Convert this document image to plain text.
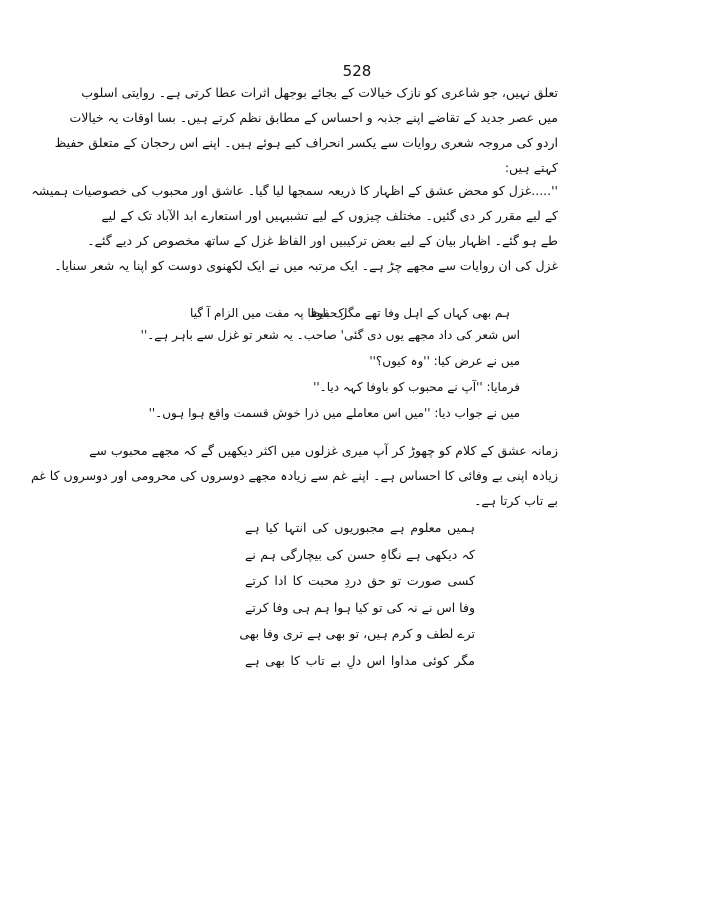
528
تعلق نہیں، جو شاعری کو نازک خیالات کے بجائے بوجھل اثرات عطا کرتی ہے۔ روایتی اسلوب
میں عصر جدید کے تقاضے اپنے جذبہ و احساس کے مطابق نظم کرتے ہیں۔ بسا اوقات یہ خیالات
اردو کی مروجہ شعری روایات سے یکسر انحراف کیے ہوئے ہیں۔ اپنے اس رحجان کے متعلق حفیظ
کہتے ہیں:
''.....غزل کو محض عشق کے اظہار کا ذریعہ سمجھا لیا گیا۔ عاشق اور محبوب کی خصوصیات ہمیشہ
کے لیے مقرر کر دی گئیں۔ مختلف چیزوں کے لیے تشبیہیں اور استعارے ابد الآباد تک کے لیے
طے ہو گئے۔ اظہار بیان کے لیے بعض ترکیبیں اور الفاظ غزل کے ساتھ مخصوص کر دیے گئے۔
غزل کی ان روایات سے مجھے چڑ ہے۔ ایک مرتبہ میں نے ایک لکھنوی دوست کو اپنا یہ شعر سنایا۔
ہم بھی کہاں کے اہل وفا تھے مگر حفیظ
اک باوفا پہ مفت میں الزام آ گیا
اس شعر کی داد مجھے یوں دی گئی' صاحب۔ یہ شعر تو غزل سے باہر ہے۔''
میں نے عرض کیا: ''وہ کیوں؟''
فرمایا: ''آپ نے محبوب کو باوفا کہہ دیا۔''
میں نے جواب دیا: ''میں اس معاملے میں ذرا خوش قسمت واقع ہوا ہوں۔''
زمانہ عشق کے کلام کو چھوڑ کر آپ میری غزلوں میں اکثر دیکھیں گے کہ مجھے محبوب سے
زیادہ اپنی بے وفائی کا احساس ہے۔ اپنے غم سے زیادہ مجھے دوسروں کی محرومی اور دوسروں کا غم
بے تاب کرتا ہے۔
ہمیں معلوم ہے مجبوریوں کی انتہا کیا ہے
کہ دیکھی ہے نگاہِ حسن کی بیچارگی ہم نے
کسی صورت تو حق دردِ محبت کا ادا کرتے
وفا اس نے نہ کی تو کیا ہوا ہم ہی وفا کرتے
ترے لطف و کرم ہیں، تو بھی ہے تری وفا بھی
مگر کوئی مداوا اس دلِ بے تاب کا بھی ہے
